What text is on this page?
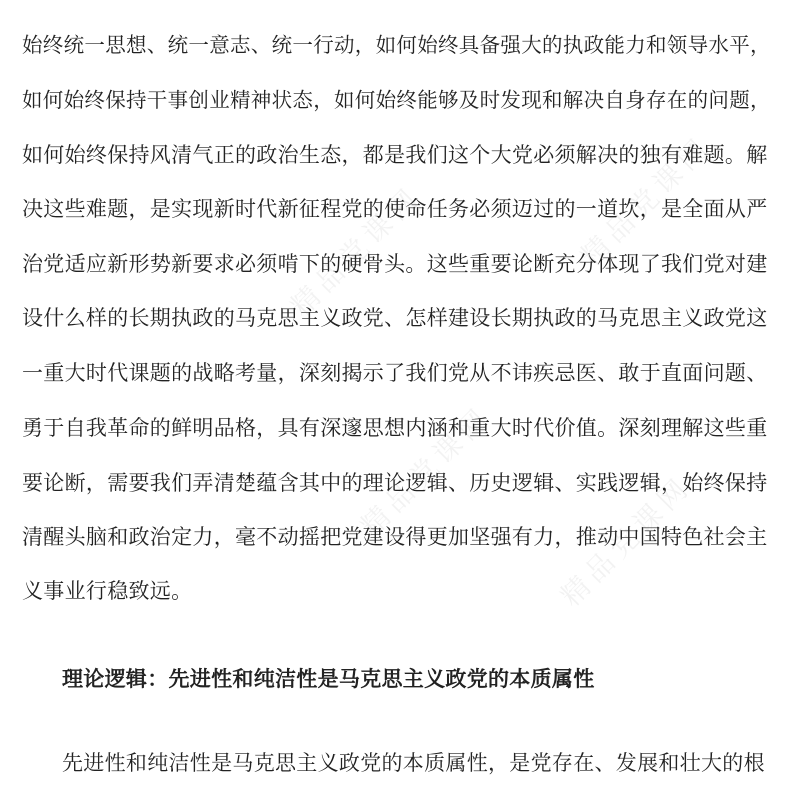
精品党课网	精品党课网
精品党课网 精品党课网
始终统一思想、统一意志、统一行动，如何始终具备强大的执政能力和领导水平，
如何始终保持干事创业精神状态，如何始终能够及时发现和解决自身存在的问题，
如何始终保持风清气正的政治生态，都是我们这个大党必须解决的独有难题。解
决这些难题，是实现新时代新征程党的使命任务必须迈过的一道坎，是全面从严
治党适应新形势新要求必须啃下的硬骨头。这些重要论断充分体现了我们党对建
设什么样的长期执政的马克思主义政党、怎样建设长期执政的马克思主义政党这
一重大时代课题的战略考量，深刻揭示了我们党从不讳疾忌医、敢于直面问题、
勇于自我革命的鲜明品格，具有深邃思想内涵和重大时代价值。深刻理解这些重
要论断，需要我们弄清楚蕴含其中的理论逻辑、历史逻辑、实践逻辑，始终保持
清醒头脑和政治定力，毫不动摇把党建设得更加坚强有力，推动中国特色社会主
义事业行稳致远。
理论逻辑：先进性和纯洁性是马克思主义政党的本质属性
先进性和纯洁性是马克思主义政党的本质属性，是党存在、发展和壮大的根
